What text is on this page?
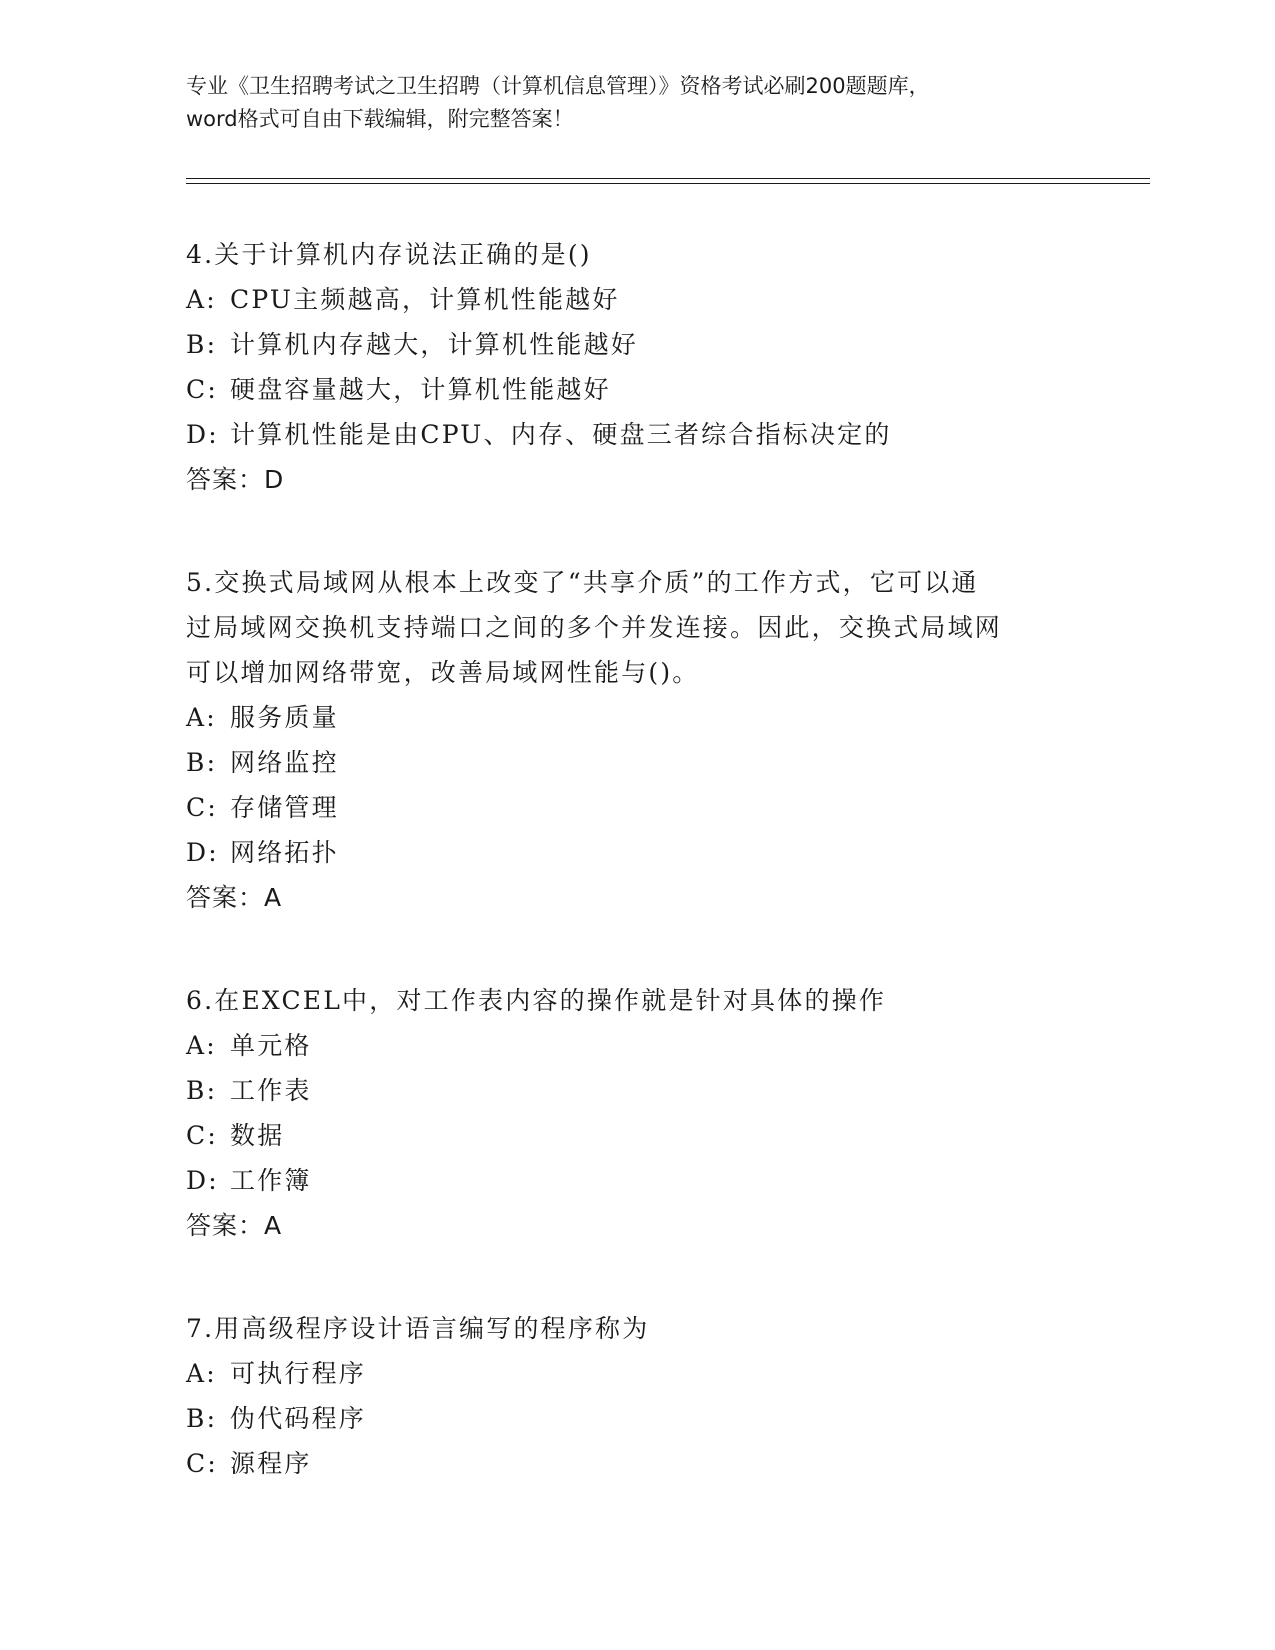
专业《卫生招聘考试之卫生招聘（计算机信息管理）》资格考试必刷200题题库，

word格式可自由下载编辑，附完整答案！

4.关于计算机内存说法正确的是()

A: CPU主频越高，计算机性能越好
B: 计算机内存越大，计算机性能越好
C: 硬盘容量越大，计算机性能越好
D: 计算机性能是由CPU、内存、硬盘三者综合指标决定的

答案：D

5.交换式局域网从根本上改变了“共享介质”的工作方式，它可以通

过局域网交换机支持端口之间的多个并发连接。因此，交换式局域网

可以增加网络带宽，改善局域网性能与()。

A: 服务质量
B: 网络监控
C: 存储管理
D: 网络拓扑

答案：A

6.在EXCEL中，对工作表内容的操作就是针对具体的操作

A: 单元格
B: 工作表
C: 数据
D: 工作簿

答案：A

7.用高级程序设计语言编写的程序称为

A: 可执行程序
B: 伪代码程序
C: 源程序
